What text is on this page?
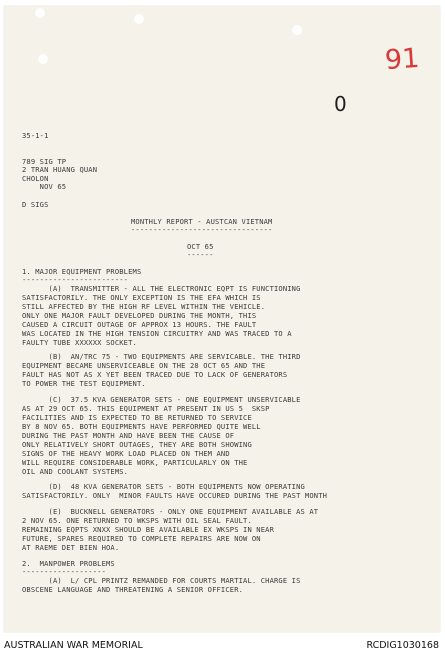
91
0

35-1-1

789 SIG TP

2 TRAN HUANG QUAN

CHOLON

NOV 65

D SIGS

MONTHLY REPORT - AUSTCAN VIETNAM

--------------------------------

OCT 65

------

1. MAJOR EQUIPMENT PROBLEMS

------------------------

(A)  TRANSMITTER - ALL THE ELECTRONIC EQPT IS FUNCTIONING

SATISFACTORILY. THE ONLY EXCEPTION IS THE EFA WHICH IS

STILL AFFECTED BY THE HIGH RF LEVEL WITHIN THE VEHICLE.

ONLY ONE MAJOR FAULT DEVELOPED DURING THE MONTH, THIS

CAUSED A CIRCUIT OUTAGE OF APPROX 13 HOURS. THE FAULT

WAS LOCATED IN THE HIGH TENSION CIRCUITRY AND WAS TRACED TO A

FAULTY TUBE XXXXXX SOCKET.

(B)  AN/TRC 75 - TWO EQUIPMENTS ARE SERVICABLE. THE THIRD

EQUIPMENT BECAME UNSERVICEABLE ON THE 28 OCT 65 AND THE

FAULT HAS NOT AS X YET BEEN TRACED DUE TO LACK OF GENERATORS

TO POWER THE TEST EQUIPMENT.

(C)  37.5 KVA GENERATOR SETS - ONE EQUIPMENT UNSERVICABLE

AS AT 29 OCT 65. THIS EQUIPMENT AT PRESENT IN US 5  SKSP

FACILITIES AND IS EXPECTED TO BE RETURNED TO SERVICE

BY 8 NOV 65. BOTH EQUIPMENTS HAVE PERFORMED QUITE WELL

DURING THE PAST MONTH AND HAVE BEEN THE CAUSE OF

ONLY RELATIVELY SHORT OUTAGES, THEY ARE BOTH SHOWING

SIGNS OF THE HEAVY WORK LOAD PLACED ON THEM AND

WILL REQUIRE CONSIDERABLE WORK, PARTICULARLY ON THE

OIL AND COOLANT SYSTEMS.

(D)  48 KVA GENERATOR SETS - BOTH EQUIPMENTS NOW OPERATING

SATISFACTORILY. ONLY  MINOR FAULTS HAVE OCCURED DURING THE PAST MONTH

(E)  BUCKNELL GENERATORS - ONLY ONE EQUIPMENT AVAILABLE AS AT

2 NOV 65. ONE RETURNED TO WKSPS WITH OIL SEAL FAULT.

REMAINING EQPTS XNXX SHOULD BE AVAILABLE EX WKSPS IN NEAR

FUTURE, SPARES REQUIRED TO COMPLETE REPAIRS ARE NOW ON

AT RAEME DET BIEN HOA.

2.  MANPOWER PROBLEMS

-------------------

(A)  L/ CPL PRINTZ REMANDED FOR COURTS MARTIAL. CHARGE IS

OBSCENE LANGUAGE AND THREATENING A SENIOR OFFICER.

AUSTRALIAN WAR MEMORIAL	RCDIG1030168
